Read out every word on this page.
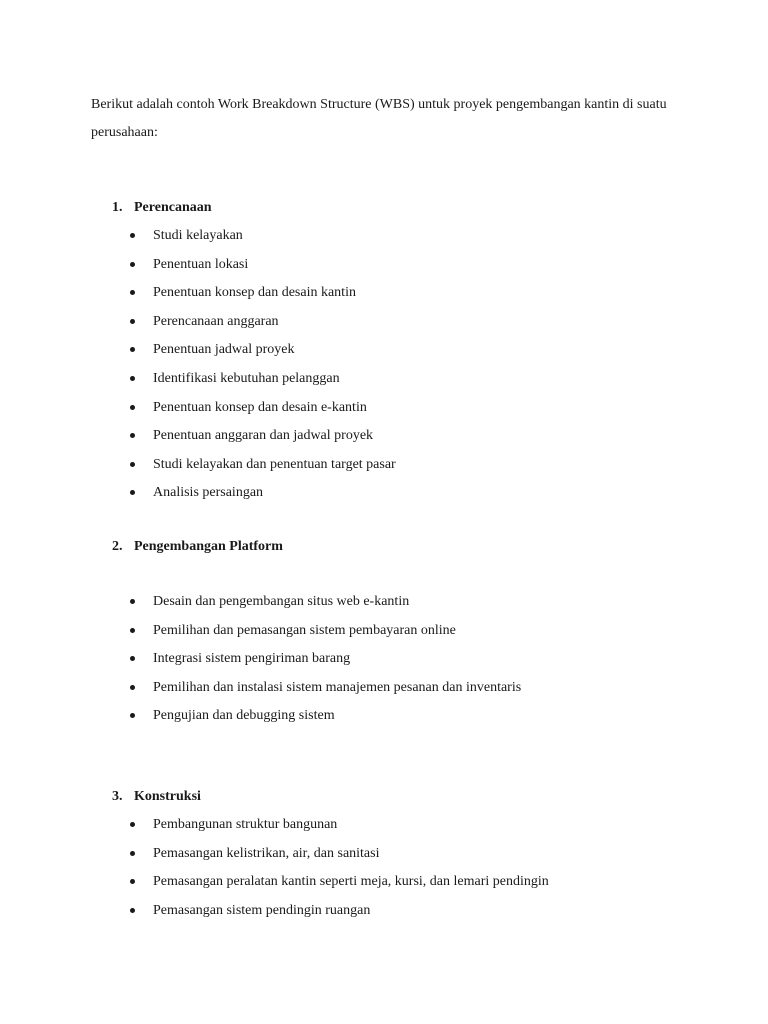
Berikut adalah contoh Work Breakdown Structure (WBS) untuk proyek pengembangan kantin di suatu perusahaan:

1. Perencanaan
Studi kelayakan
Penentuan lokasi
Penentuan konsep dan desain kantin
Perencanaan anggaran
Penentuan jadwal proyek
Identifikasi kebutuhan pelanggan
Penentuan konsep dan desain e-kantin
Penentuan anggaran dan jadwal proyek
Studi kelayakan dan penentuan target pasar
Analisis persaingan
2. Pengembangan Platform
Desain dan pengembangan situs web e-kantin
Pemilihan dan pemasangan sistem pembayaran online
Integrasi sistem pengiriman barang
Pemilihan dan instalasi sistem manajemen pesanan dan inventaris
Pengujian dan debugging sistem
3. Konstruksi
Pembangunan struktur bangunan
Pemasangan kelistrikan, air, dan sanitasi
Pemasangan peralatan kantin seperti meja, kursi, dan lemari pendingin
Pemasangan sistem pendingin ruangan
